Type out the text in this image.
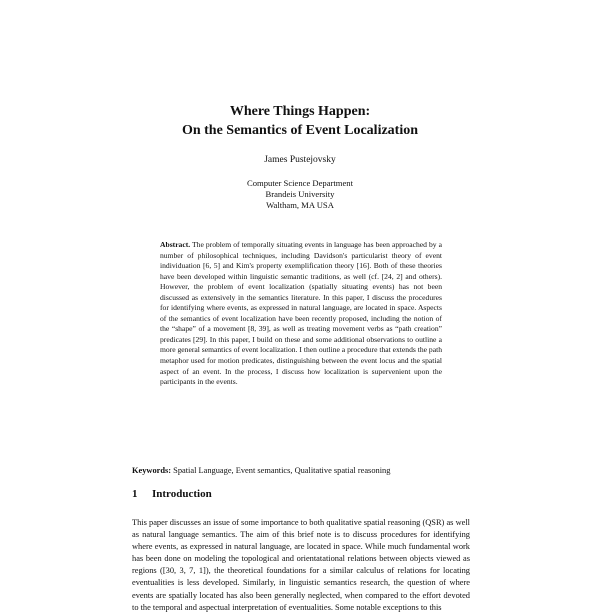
Where Things Happen:
On the Semantics of Event Localization
James Pustejovsky
Computer Science Department
Brandeis University
Waltham, MA USA
Abstract. The problem of temporally situating events in language has been approached by a number of philosophical techniques, including Davidson's particularist theory of event individuation [6, 5] and Kim's property exemplification theory [16]. Both of these theories have been developed within linguistic semantic traditions, as well (cf. [24, 2] and others). However, the problem of event localization (spatially situating events) has not been discussed as extensively in the semantics literature. In this paper, I discuss the procedures for identifying where events, as expressed in natural language, are located in space. Aspects of the semantics of event localization have been recently proposed, including the notion of the “shape” of a movement [8, 39], as well as treating movement verbs as “path creation” predicates [29]. In this paper, I build on these and some additional observations to outline a more general semantics of event localization. I then outline a procedure that extends the path metaphor used for motion predicates, distinguishing between the event locus and the spatial aspect of an event. In the process, I discuss how localization is supervenient upon the participants in the events.
Keywords: Spatial Language, Event semantics, Qualitative spatial reasoning
1 Introduction
This paper discusses an issue of some importance to both qualitative spatial reasoning (QSR) as well as natural language semantics. The aim of this brief note is to discuss procedures for identifying where events, as expressed in natural language, are located in space. While much fundamental work has been done on modeling the topological and orientatational relations between objects viewed as regions ([30, 3, 7, 1]), the theoretical foundations for a similar calculus of relations for locating eventualities is less developed. Similarly, in linguistic semantics research, the question of where events are spatially located has also been generally neglected, when compared to the effort devoted to the temporal and aspectual interpretation of eventualities. Some notable exceptions to this
